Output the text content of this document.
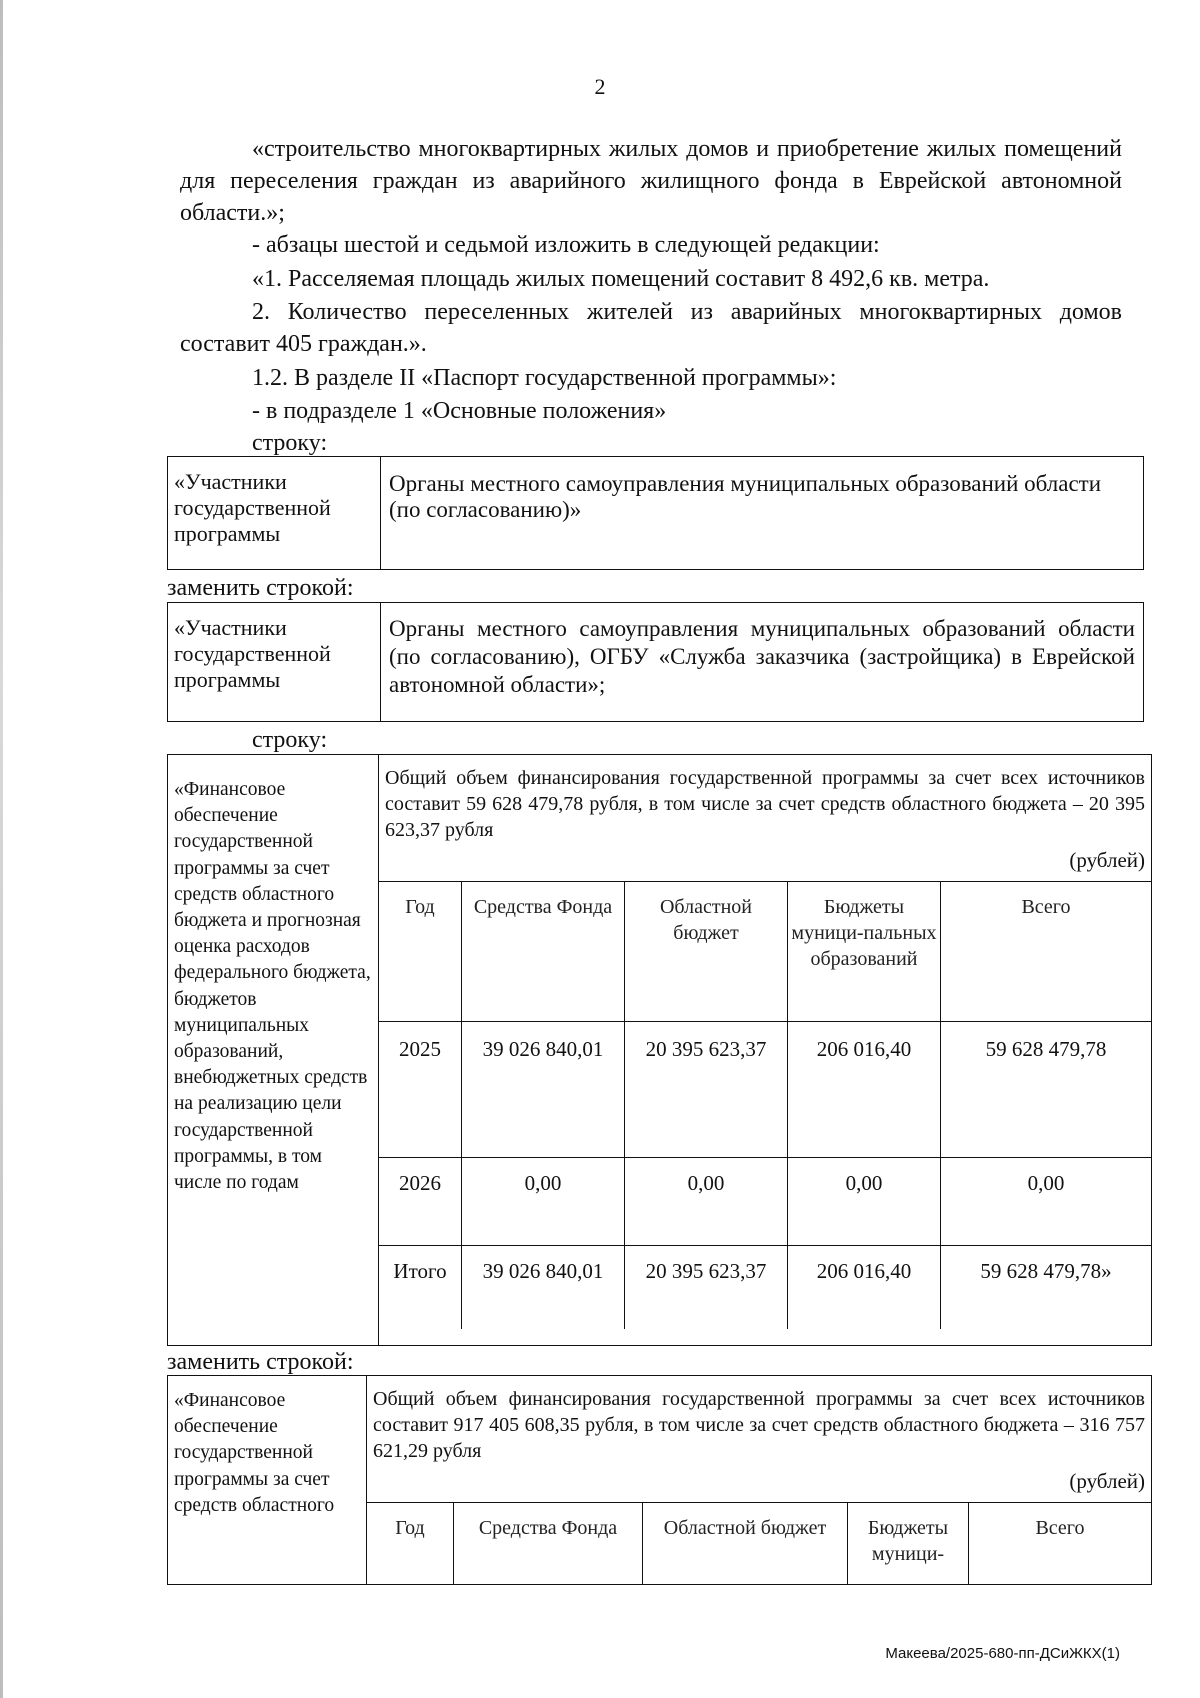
2
«строительство многоквартирных жилых домов и приобретение жилых помещений для переселения граждан из аварийного жилищного фонда в Еврейской автономной области.»;
- абзацы шестой и седьмой изложить в следующей редакции:
«1. Расселяемая площадь жилых помещений составит 8 492,6 кв. метра.
2. Количество переселенных жителей из аварийных многоквартирных домов составит 405 граждан.».
1.2. В разделе II «Паспорт государственной программы»:
- в подразделе 1 «Основные положения»
строку:
«Участники государственной программы	Органы местного самоуправления муниципальных образований области (по согласованию)»
заменить строкой:
«Участники государственной программы	Органы местного самоуправления муниципальных образований области (по согласованию), ОГБУ «Служба заказчика (застройщика) в Еврейской автономной области»;
строку:
«Финансовое обеспечение государственной программы за счет средств областного бюджета и прогнозная оценка расходов федерального бюджета, бюджетов муниципальных образований, внебюджетных средств на реализацию цели государственной программы, в том числе по годам	
Общий объем финансирования государственной программы за счет всех источников составит 59 628 479,78 рубля, в том числе за счет средств областного бюджета – 20 395 623,37 рубля
(рублей)
Год	Средства Фонда	Областной бюджет	Бюджеты муници-пальных образований	Всего
2025	39 026 840,01	20 395 623,37	206 016,40	59 628 479,78
2026	0,00	0,00	0,00	0,00
Итого	39 026 840,01	20 395 623,37	206 016,40	59 628 479,78»
заменить строкой:
«Финансовое обеспечение государственной программы за счет средств областного	
Общий объем финансирования государственной программы за счет всех источников составит 917 405 608,35 рубля, в том числе за счет средств областного бюджета – 316 757 621,29 рубля
(рублей)
Год	Средства Фонда	Областной бюджет	Бюджеты муници-	Всего
Макеева/2025-680-пп-ДСиЖКХ(1)
